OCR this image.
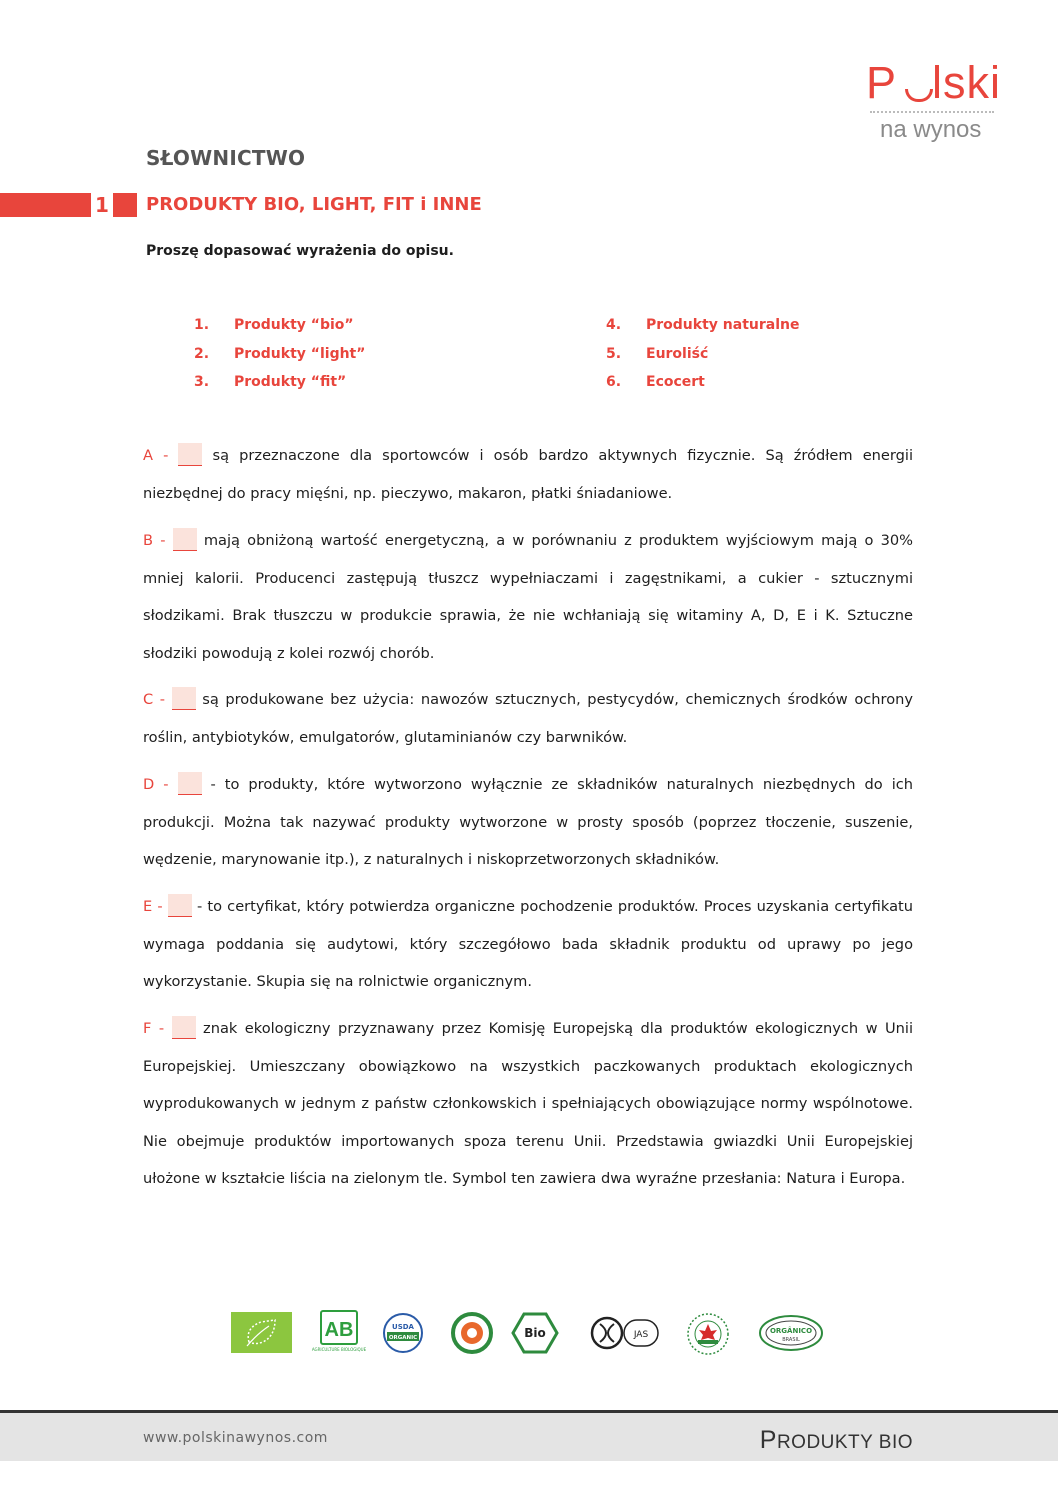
P lski
na wynos
SŁOWNICTWO
1 PRODUKTY BIO, LIGHT, FIT i INNE
Proszę dopasować wyrażenia do opisu.
1. Produkty “bio”
2. Produkty “light”
3. Produkty “fit”
4. Produkty naturalne
5. Euroliść
6. Ecocert

A -	są przeznaczone dla sportowców i osób bardzo aktywnych fizycznie. Są źródłem energii niezbędnej do pracy mięśni, np. pieczywo, makaron, płatki śniadaniowe.

B -	mają obniżoną wartość energetyczną, a w porównaniu z produktem wyjściowym mają o 30% mniej kalorii. Producenci zastępują tłuszcz wypełniaczami i zagęstnikami, a cukier - sztucznymi słodzikami. Brak tłuszczu w produkcie sprawia, że nie wchłaniają się witaminy A, D, E i K. Sztuczne słodziki powodują z kolei rozwój chorób.

C -	są produkowane bez użycia: nawozów sztucznych, pestycydów, chemicznych środków ochrony roślin, antybiotyków, emulgatorów, glutaminianów czy barwników.

D -	- to produkty, które wytworzono wyłącznie ze składników naturalnych niezbędnych do ich produkcji. Można tak nazywać produkty wytworzone w prosty sposób (poprzez tłoczenie, suszenie, wędzenie, marynowanie itp.), z naturalnych i niskoprzetworzonych składników.

E - - to certyfikat, który potwierdza organiczne pochodzenie produktów. Proces uzyskania certyfikatu wymaga poddania się audytowi, który szczegółowo bada składnik produktu od uprawy po jego wykorzystanie. Skupia się na rolnictwie organicznym.

F -	znak ekologiczny przyznawany przez Komisję Europejską dla produktów ekologicznych w Unii Europejskiej. Umieszczany obowiązkowo na wszystkich paczkowanych produktach ekologicznych wyprodukowanych w jednym z państw członkowskich i spełniających obowiązujące normy wspólnotowe. Nie obejmuje produktów importowanych spoza terenu Unii. Przedstawia gwiazdki Unii Europejskiej ułożone w kształcie liścia na zielonym tle. Symbol ten zawiera dwa wyraźne przesłania: Natura i Europa.

AB
AGRICULTURE BIOLOGIQUE
USDA
ORGANIC	Bio	JAS	ORGÂNICO
BRASIL
www.polskinawynos.com	PRODUKTY BIO
